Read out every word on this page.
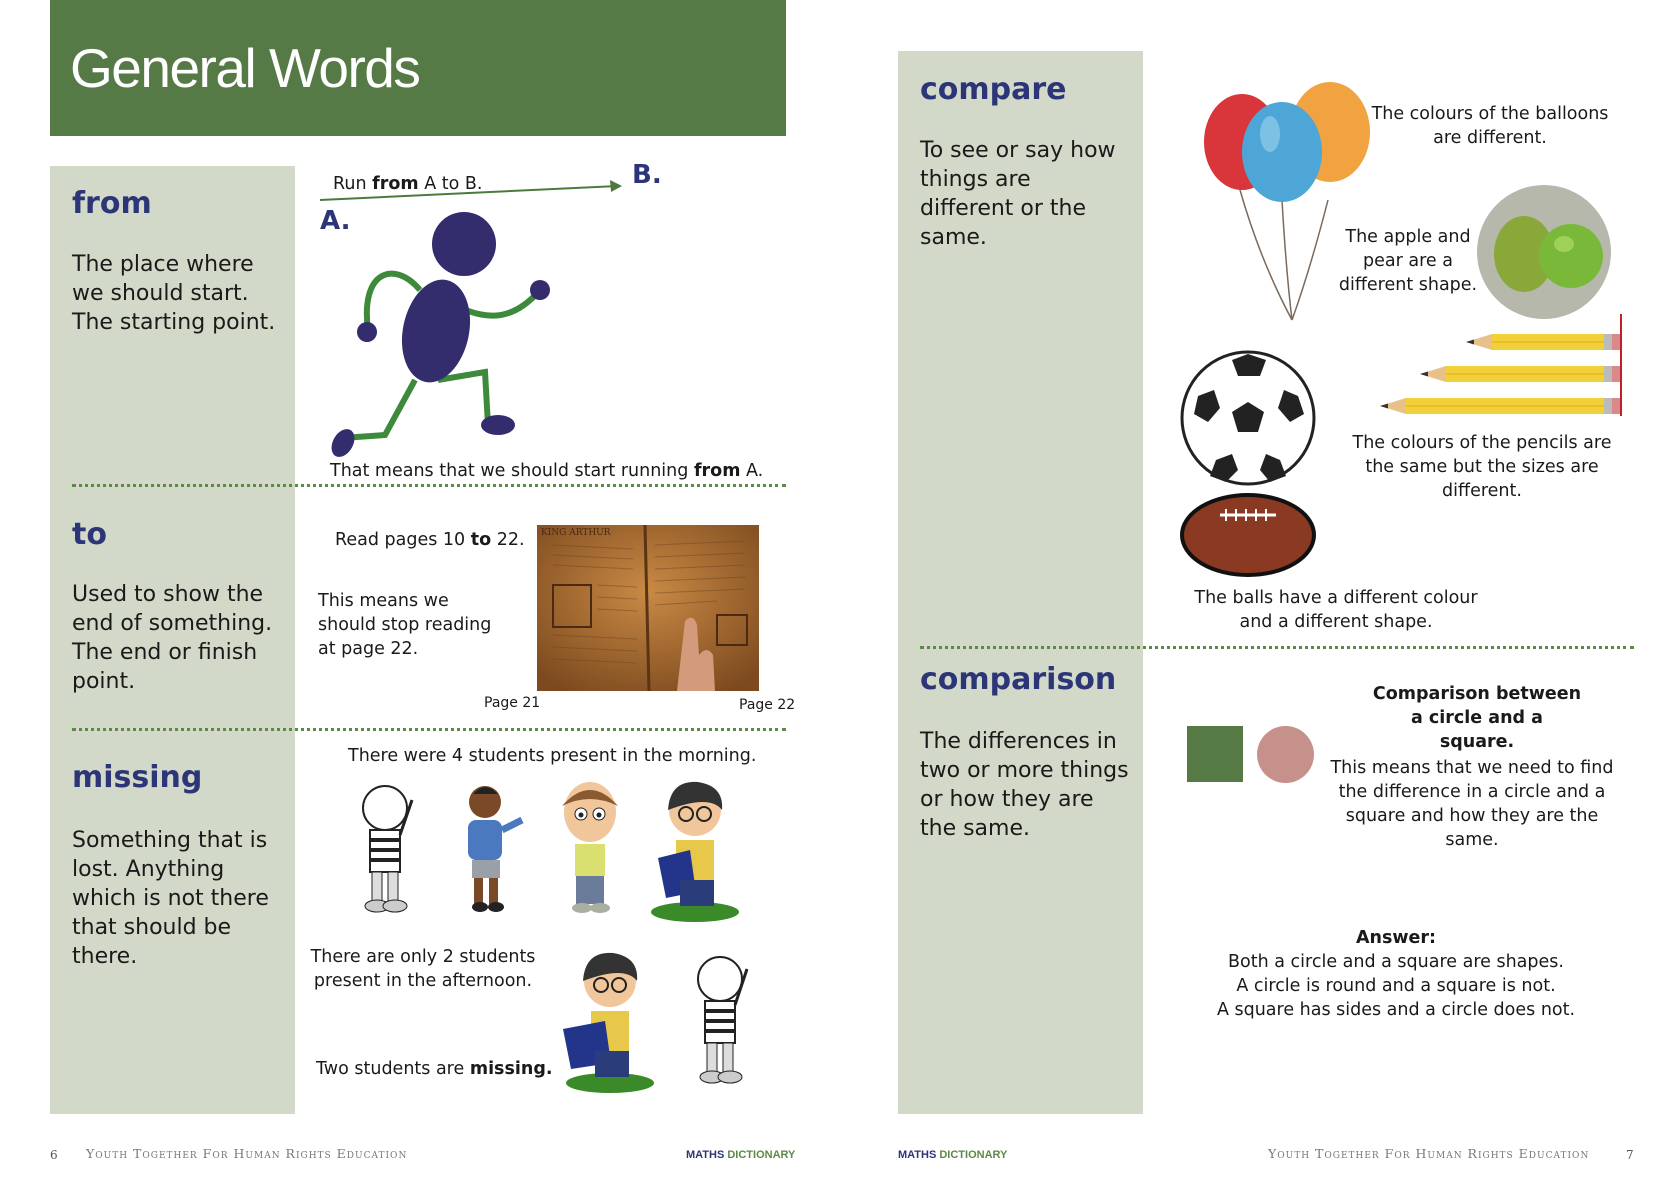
General Words
from
The place where we should start. The starting point.
Run from A to B.
A.
B.
That means that we should start running from A.
to
Used to show the end of something. The end or finish point.
Read pages 10 to 22.
This means we should stop reading at page 22.
KING ARTHUR
Page 21	Page 22
missing
Something that is lost. Anything which is not there that should be there.
There were 4 students present in the morning.
There are only 2 students present in the afternoon.
Two students are missing.
6 Youth Together For Human Rights Education	MATHS DICTIONARY
compare
To see or say how things are different or the same.
The colours of the balloons are different.
The apple and pear are a different shape.
The colours of the pencils are the same but the sizes are different.
The balls have a different colour and a different shape.
comparison
The differences in two or more things or how they are the same.
Comparison between a circle and a square.
This means that we need to find the difference in a circle and a square and how they are the same.
Answer:
Both a circle and a square are shapes.
A circle is round and a square is not.
A square has sides and a circle does not.
MATHS DICTIONARY	Youth Together For Human Rights Education	7
